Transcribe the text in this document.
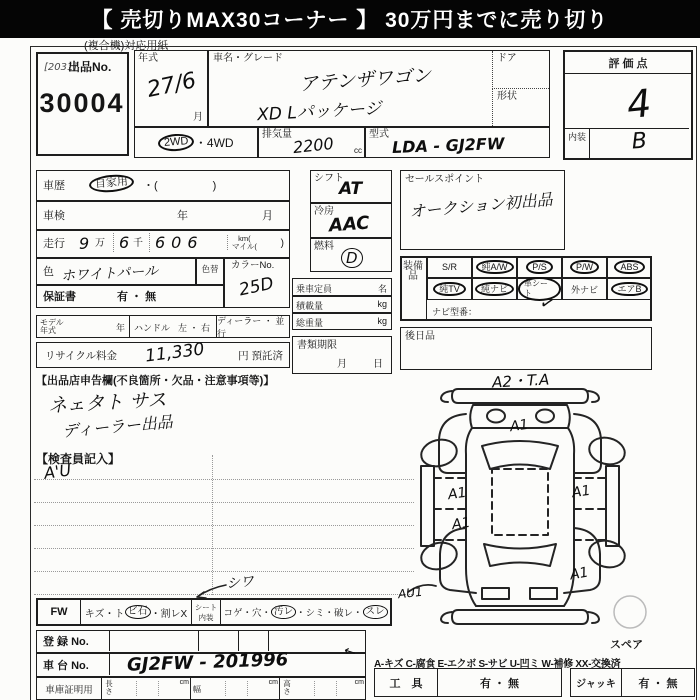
【 売切りMAX30コーナー 】 30万円までに売り切り
(複合機)対応用紙
[2031]
出品No.
30004
年式
27/6
月
車名・グレード
アテンザワゴン
XD Lパッケージ
ドア
形状
2WD ・ 4WD
排気量 2200 cc
型式 LDA - GJ2FW
評 価 点
4
内装	B
車歴	自家用	・(　　　　　)
車検	年	月
走行 9 万 6 千 606	km(
マイル( )
色 ホワイトパール	色替	カラーNo.
25D
保証書	有 ・ 無
モデル年式	年 ハンドル 左 ・ 右
ディーラー ・ 並行
リサイクル料金 11,330	円 預託済
シフト
AT
冷房
AAC
燃料
D
乗車定員	名
積載量	kg
総重量	kg
書類期限
月	日
セールスポイント
オークション初出品
装備品
S/R	純A/W	P/S	P/W	ABS
純TV	純ナビ	革シート	外ナビ	エアB
✓
ナビ型番：
後日品
【出品店申告欄(不良箇所・欠品・注意事項等)】
ネェタト サス
ディーラー出品
【検査員記入】
A'U
シワ
FW	キズ・ト ビ石 ・割レX
シート
内装	コゲ・穴・ 汚レ ・シミ・破レ・ スレ
登 録 No.
車 台 No. GJ2FW - 201996	←
車庫証明用
長さ
cm
幅
cm 高さ
cm
A-キズ C-腐食 E-エクボ S-サビ U-凹ミ W-補修 XX-交換済
工　具	有 ・ 無	ジャッキ	有 ・ 無
A2・T.A
A1
A1
A1
A1
A1
AU1
スペア
